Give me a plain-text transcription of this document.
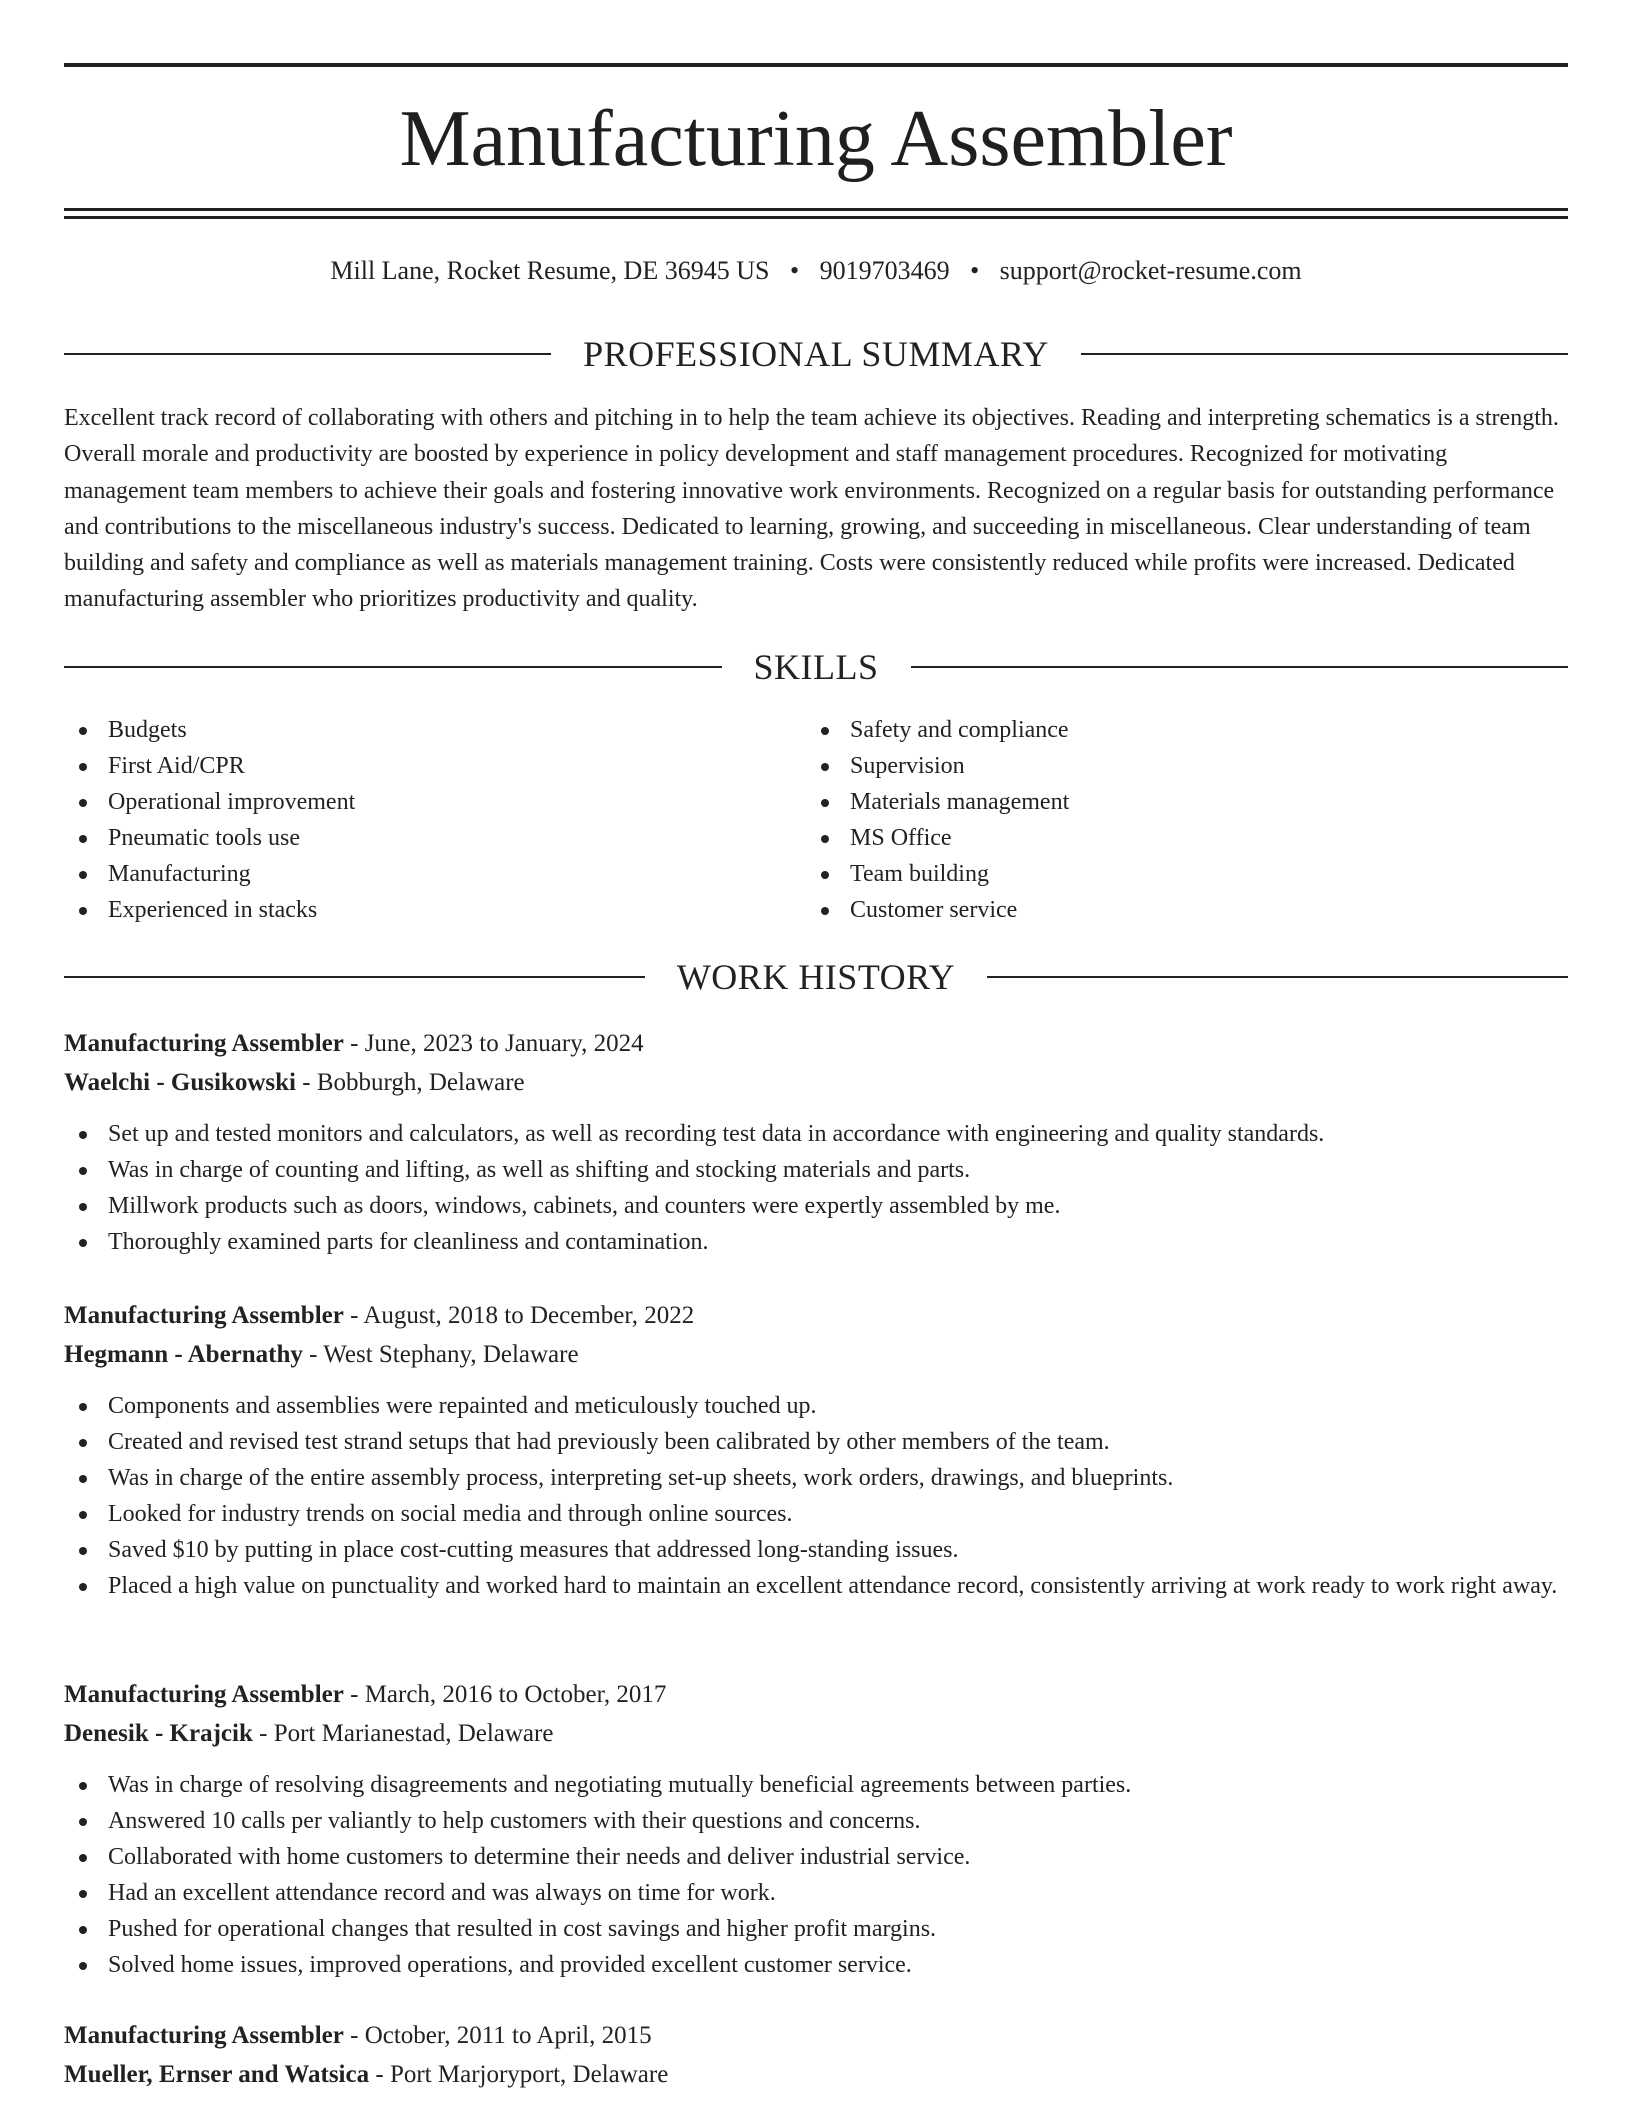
Manufacturing Assembler
Mill Lane, Rocket Resume, DE 36945 US • 9019703469 • support@rocket-resume.com
PROFESSIONAL SUMMARY

Excellent track record of collaborating with others and pitching in to help the team achieve its objectives. Reading and interpreting schematics is a strength. Overall morale and productivity are boosted by experience in policy development and staff management procedures. Recognized for motivating management team members to achieve their goals and fostering innovative work environments. Recognized on a regular basis for outstanding performance and contributions to the miscellaneous industry's success. Dedicated to learning, growing, and succeeding in miscellaneous. Clear understanding of team building and safety and compliance as well as materials management training. Costs were consistently reduced while profits were increased. Dedicated manufacturing assembler who prioritizes productivity and quality.

SKILLS
Budgets
First Aid/CPR
Operational improvement
Pneumatic tools use
Manufacturing
Experienced in stacks
Safety and compliance
Supervision
Materials management
MS Office
Team building
Customer service
WORK HISTORY
Manufacturing Assembler - June, 2023 to January, 2024
Waelchi - Gusikowski - Bobburgh, Delaware
Set up and tested monitors and calculators, as well as recording test data in accordance with engineering and quality standards.
Was in charge of counting and lifting, as well as shifting and stocking materials and parts.
Millwork products such as doors, windows, cabinets, and counters were expertly assembled by me.
Thoroughly examined parts for cleanliness and contamination.
Manufacturing Assembler - August, 2018 to December, 2022
Hegmann - Abernathy - West Stephany, Delaware
Components and assemblies were repainted and meticulously touched up.
Created and revised test strand setups that had previously been calibrated by other members of the team.
Was in charge of the entire assembly process, interpreting set-up sheets, work orders, drawings, and blueprints.
Looked for industry trends on social media and through online sources.
Saved $10 by putting in place cost-cutting measures that addressed long-standing issues.
Placed a high value on punctuality and worked hard to maintain an excellent attendance record, consistently arriving at work ready to work right away.
Manufacturing Assembler - March, 2016 to October, 2017
Denesik - Krajcik - Port Marianestad, Delaware
Was in charge of resolving disagreements and negotiating mutually beneficial agreements between parties.
Answered 10 calls per valiantly to help customers with their questions and concerns.
Collaborated with home customers to determine their needs and deliver industrial service.
Had an excellent attendance record and was always on time for work.
Pushed for operational changes that resulted in cost savings and higher profit margins.
Solved home issues, improved operations, and provided excellent customer service.
Manufacturing Assembler - October, 2011 to April, 2015
Mueller, Ernser and Watsica - Port Marjoryport, Delaware
